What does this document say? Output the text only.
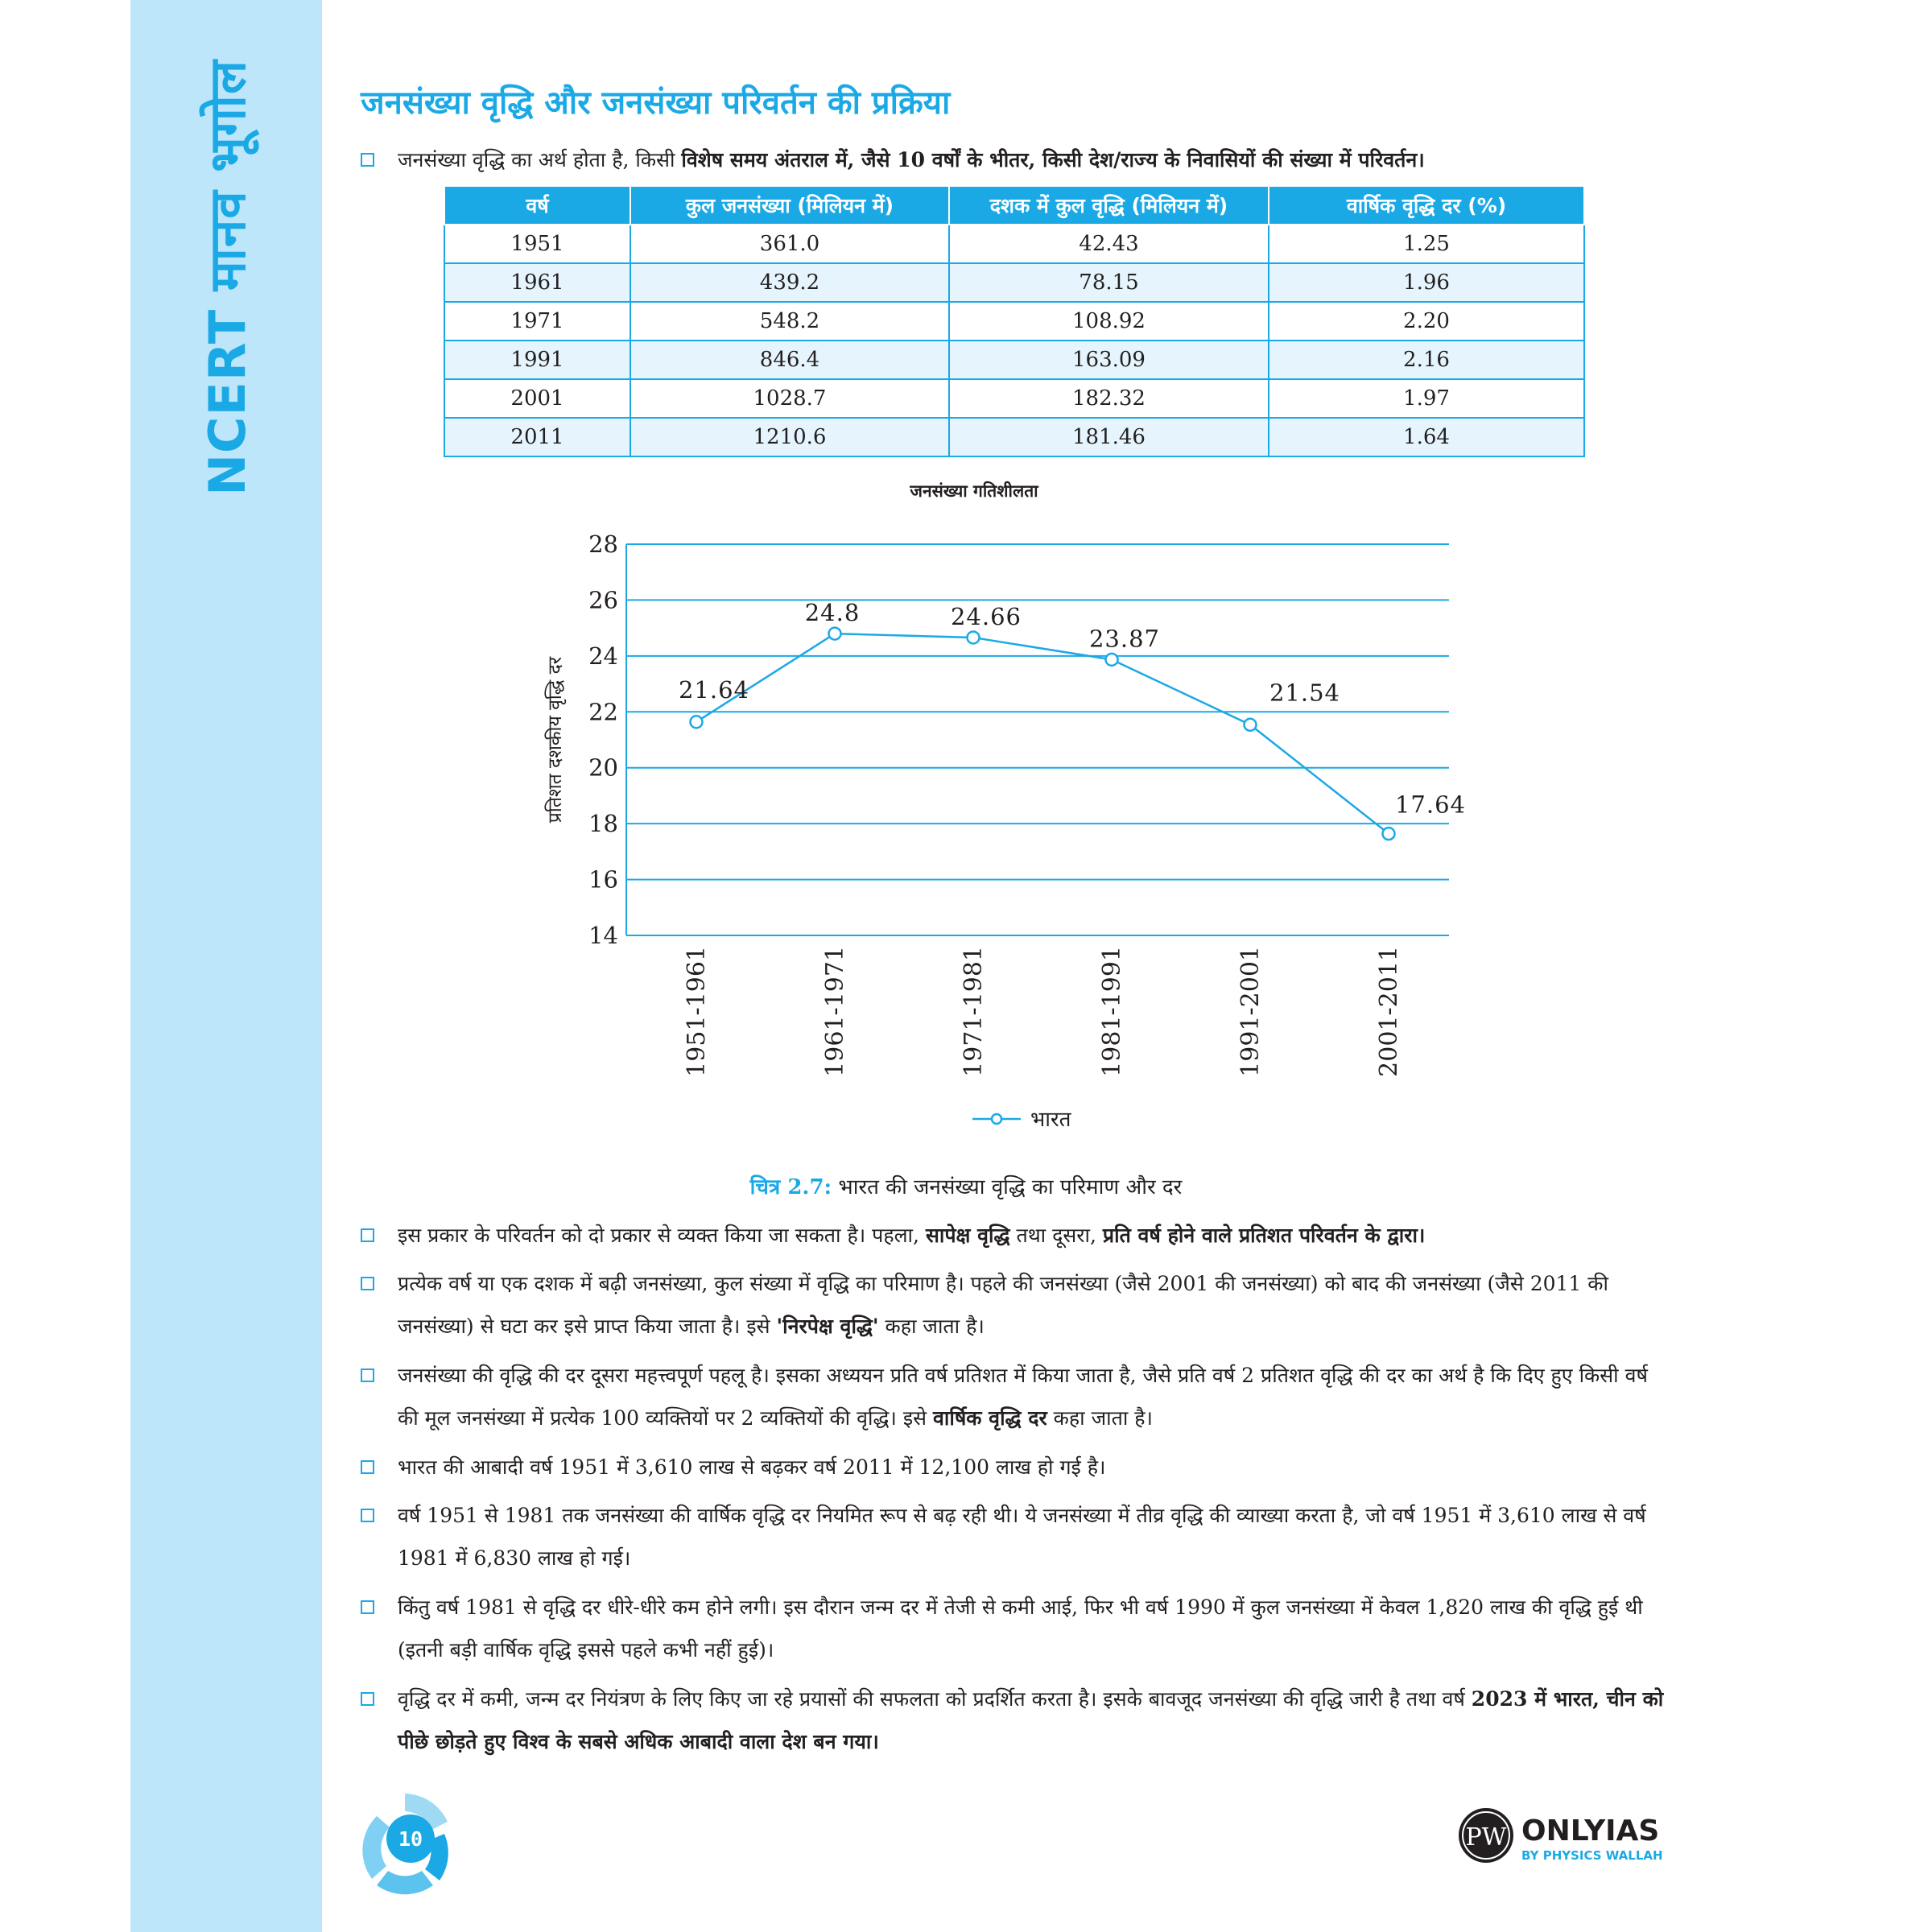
NCERT मानव भूगोल	जनसंख्या वृद्धि और जनसंख्या परिवर्तन की प्रक्रिया
जनसंख्या वृद्धि का अर्थ होता है, किसी विशेष समय अंतराल में, जैसे 10 वर्षों के भीतर, किसी देश/राज्य के निवासियों की संख्या में परिवर्तन।
वर्ष	कुल जनसंख्या (मिलियन में)	दशक में कुल वृद्धि (मिलियन में)	वार्षिक वृद्धि दर (%)
1951	361.0	42.43	1.25
1961	439.2	78.15	1.96
1971	548.2	108.92	2.20
1991	846.4	163.09	2.16
2001	1028.7	182.32	1.97
2011	1210.6	181.46	1.64
जनसंख्या गतिशीलता
14
16
18
20
22
24
26
28
प्रतिशत दशकीय वृद्धि दर	21.64
24.8	24.66
23.87
21.54
17.64
1951-1961	1961-1971	1971-1981	1981-1991	1991-2001	2001-2011
भारत
चित्र 2.7: भारत की जनसंख्या वृद्धि का परिमाण और दर
इस प्रकार के परिवर्तन को दो प्रकार से व्यक्त किया जा सकता है। पहला, सापेक्ष वृद्धि तथा दूसरा, प्रति वर्ष होने वाले प्रतिशत परिवर्तन के द्वारा।
प्रत्येक वर्ष या एक दशक में बढ़ी जनसंख्या, कुल संख्या में वृद्धि का परिमाण है। पहले की जनसंख्या (जैसे 2001 की जनसंख्या) को बाद की जनसंख्या (जैसे 2011 की जनसंख्या) से घटा कर इसे प्राप्त किया जाता है। इसे 'निरपेक्ष वृद्धि' कहा जाता है।
जनसंख्या की वृद्धि की दर दूसरा महत्त्वपूर्ण पहलू है। इसका अध्ययन प्रति वर्ष प्रतिशत में किया जाता है, जैसे प्रति वर्ष 2 प्रतिशत वृद्धि की दर का अर्थ है कि दिए हुए किसी वर्ष की मूल जनसंख्या में प्रत्येक 100 व्यक्तियों पर 2 व्यक्तियों की वृद्धि। इसे वार्षिक वृद्धि दर कहा जाता है।
भारत की आबादी वर्ष 1951 में 3,610 लाख से बढ़कर वर्ष 2011 में 12,100 लाख हो गई है।
वर्ष 1951 से 1981 तक जनसंख्या की वार्षिक वृद्धि दर नियमित रूप से बढ़ रही थी। ये जनसंख्या में तीव्र वृद्धि की व्याख्या करता है, जो वर्ष 1951 में 3,610 लाख से वर्ष 1981 में 6,830 लाख हो गई।
किंतु वर्ष 1981 से वृद्धि दर धीरे-धीरे कम होने लगी। इस दौरान जन्म दर में तेजी से कमी आई, फिर भी वर्ष 1990 में कुल जनसंख्या में केवल 1,820 लाख की वृद्धि हुई थी (इतनी बड़ी वार्षिक वृद्धि इससे पहले कभी नहीं हुई)।
वृद्धि दर में कमी, जन्म दर नियंत्रण के लिए किए जा रहे प्रयासों की सफलता को प्रदर्शित करता है। इसके बावजूद जनसंख्या की वृद्धि जारी है तथा वर्ष 2023 में भारत, चीन को पीछे छोड़ते हुए विश्व के सबसे अधिक आबादी वाला देश बन गया।
10	PW ONLYIAS
BY PHYSICS WALLAH
